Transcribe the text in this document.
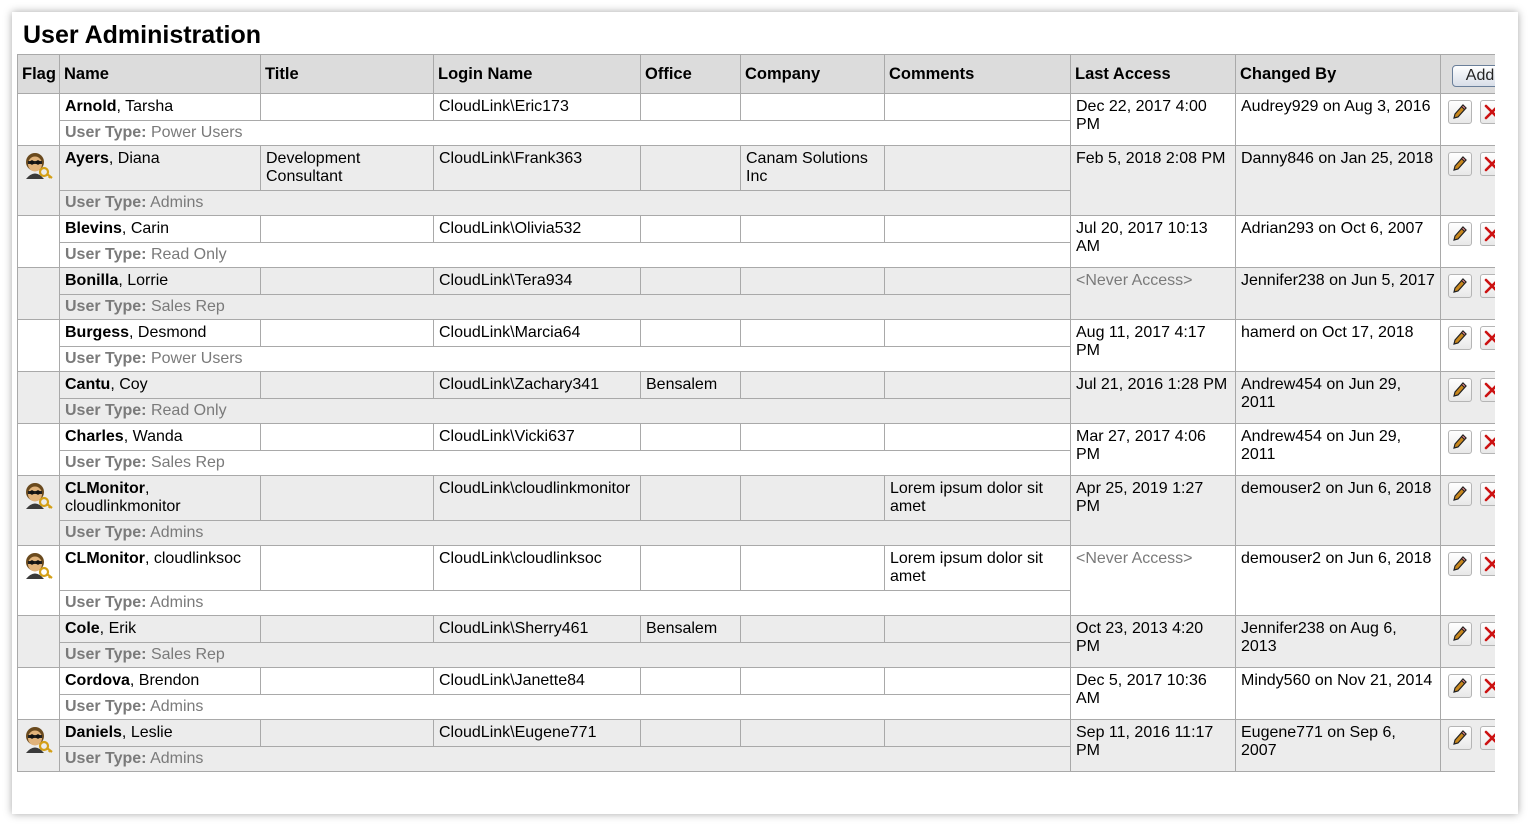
User Administration
Flag	Name	Title	Login Name	Office	Company	Comments	Last Access	Changed By	Add
	Arnold, Tarsha		CloudLink\Eric173				Dec 22, 2017 4:00 PM	Audrey929 on Aug 3, 2016	

	User Type: Power Users								

	Ayers, Diana	Development Consultant	CloudLink\Frank363		Canam Solutions Inc		Feb 5, 2018 2:08 PM	Danny846 on Jan 25, 2018	

	User Type: Admins								
	Blevins, Carin		CloudLink\Olivia532				Jul 20, 2017 10:13 AM	Adrian293 on Oct 6, 2007	

	User Type: Read Only								
	Bonilla, Lorrie		CloudLink\Tera934				<Never Access>	Jennifer238 on Jun 5, 2017	

	User Type: Sales Rep								
	Burgess, Desmond		CloudLink\Marcia64				Aug 11, 2017 4:17 PM	hamerd on Oct 17, 2018	

	User Type: Power Users								
	Cantu, Coy		CloudLink\Zachary341	Bensalem			Jul 21, 2016 1:28 PM	Andrew454 on Jun 29, 2011	

	User Type: Read Only								
	Charles, Wanda		CloudLink\Vicki637				Mar 27, 2017 4:06 PM	Andrew454 on Jun 29, 2011	

	User Type: Sales Rep								

	CLMonitor, cloudlinkmonitor		CloudLink\cloudlinkmonitor			Lorem ipsum dolor sit amet	Apr 25, 2019 1:27 PM	demouser2 on Jun 6, 2018	

	User Type: Admins								

	CLMonitor, cloudlinksoc		CloudLink\cloudlinksoc			Lorem ipsum dolor sit amet	<Never Access>	demouser2 on Jun 6, 2018	

	User Type: Admins								
	Cole, Erik		CloudLink\Sherry461	Bensalem			Oct 23, 2013 4:20 PM	Jennifer238 on Aug 6, 2013	

	User Type: Sales Rep								
	Cordova, Brendon		CloudLink\Janette84				Dec 5, 2017 10:36 AM	Mindy560 on Nov 21, 2014	

	User Type: Admins								

	Daniels, Leslie		CloudLink\Eugene771				Sep 11, 2016 11:17 PM	Eugene771 on Sep 6, 2007	

	User Type: Admins								
